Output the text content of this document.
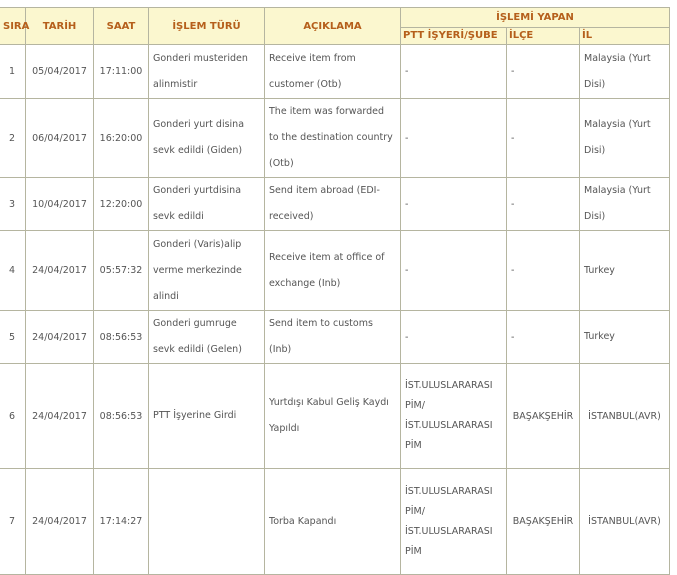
SIRA	TARİH	SAAT	İŞLEM TÜRÜ	AÇIKLAMA	İŞLEMİ YAPAN		
					PTT İŞYERİ/ŞUBE	İLÇE	İL
1	05/04/2017	17:11:00	Gonderi musteriden alinmistir	Receive item from customer (Otb)	-	-	Malaysia (Yurt Disi)
2	06/04/2017	16:20:00	Gonderi yurt disina sevk edildi (Giden)	The item was forwarded to the destination country (Otb)	-	-	Malaysia (Yurt Disi)
3	10/04/2017	12:20:00	Gonderi yurtdisina sevk edildi	Send item abroad (EDI-received)	-	-	Malaysia (Yurt Disi)
4	24/04/2017	05:57:32	Gonderi (Varis)alip verme merkezinde alindi	Receive item at office of exchange (Inb)	-	-	Turkey
5	24/04/2017	08:56:53	Gonderi gumruge sevk edildi (Gelen)	Send item to customs (Inb)	-	-	Turkey
6	24/04/2017	08:56:53	PTT İşyerine Girdi	Yurtdışı Kabul Geliş Kaydı Yapıldı	İST.ULUSLARARASI PİM/ İST.ULUSLARARASI PİM	BAŞAKŞEHİR	İSTANBUL(AVR)
7	24/04/2017	17:14:27		Torba Kapandı	İST.ULUSLARARASI PİM/ İST.ULUSLARARASI PİM	BAŞAKŞEHİR	İSTANBUL(AVR)
